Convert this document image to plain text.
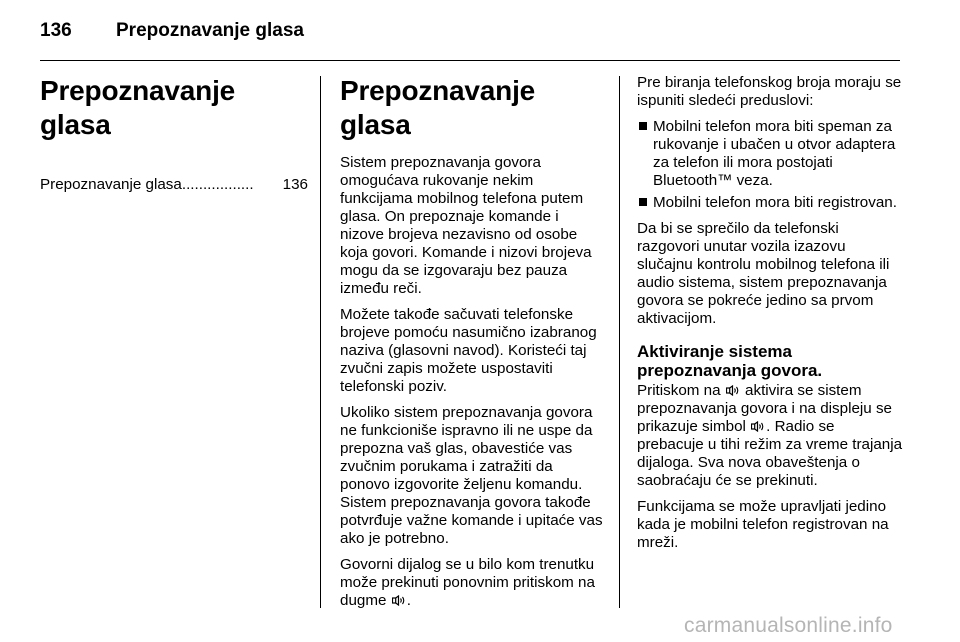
136 Prepoznavanje glasa
Prepoznavanje glasa
Prepoznavanje glasa .................	136
Prepoznavanje glasa

Sistem prepoznavanja govora omogućava rukovanje nekim funkcijama mobilnog telefona putem glasa. On prepoznaje komande i nizove brojeva nezavisno od osobe koja govori. Komande i nizovi brojeva mogu da se izgovaraju bez pauza između reči.

Možete takođe sačuvati telefonske brojeve pomoću nasumično izabranog naziva (glasovni navod). Koristeći taj zvučni zapis možete uspostaviti telefonski poziv.

Ukoliko sistem prepoznavanja govora ne funkcioniše ispravno ili ne uspe da prepozna vaš glas, obavestiće vas zvučnim porukama i zatražiti da ponovo izgovorite željenu komandu. Sistem prepoznavanja govora takođe potvrđuje važne komande i upitaće vas ako je potrebno.

Govorni dijalog se u bilo kom trenutku može prekinuti ponovnim pritiskom na dugme .

Pre biranja telefonskog broja moraju se ispuniti sledeći preduslovi:

Mobilni telefon mora biti speman za rukovanje i ubačen u otvor adaptera za telefon ili mora postojati Bluetooth™ veza.
Mobilni telefon mora biti registrovan.

Da bi se sprečilo da telefonski razgovori unutar vozila izazovu slučajnu kontrolu mobilnog telefona ili audio sistema, sistem prepoznavanja govora se pokreće jedino sa prvom aktivacijom.

Aktiviranje sistema prepoznavanja govora.

Pritiskom na aktivira se sistem prepoznavanja govora i na displeju se prikazuje simbol . Radio se prebacuje u tihi režim za vreme trajanja dijaloga. Sva nova obaveštenja o saobraćaju će se prekinuti.

Funkcijama se može upravljati jedino kada je mobilni telefon registrovan na mreži.

carmanualsonline.info
